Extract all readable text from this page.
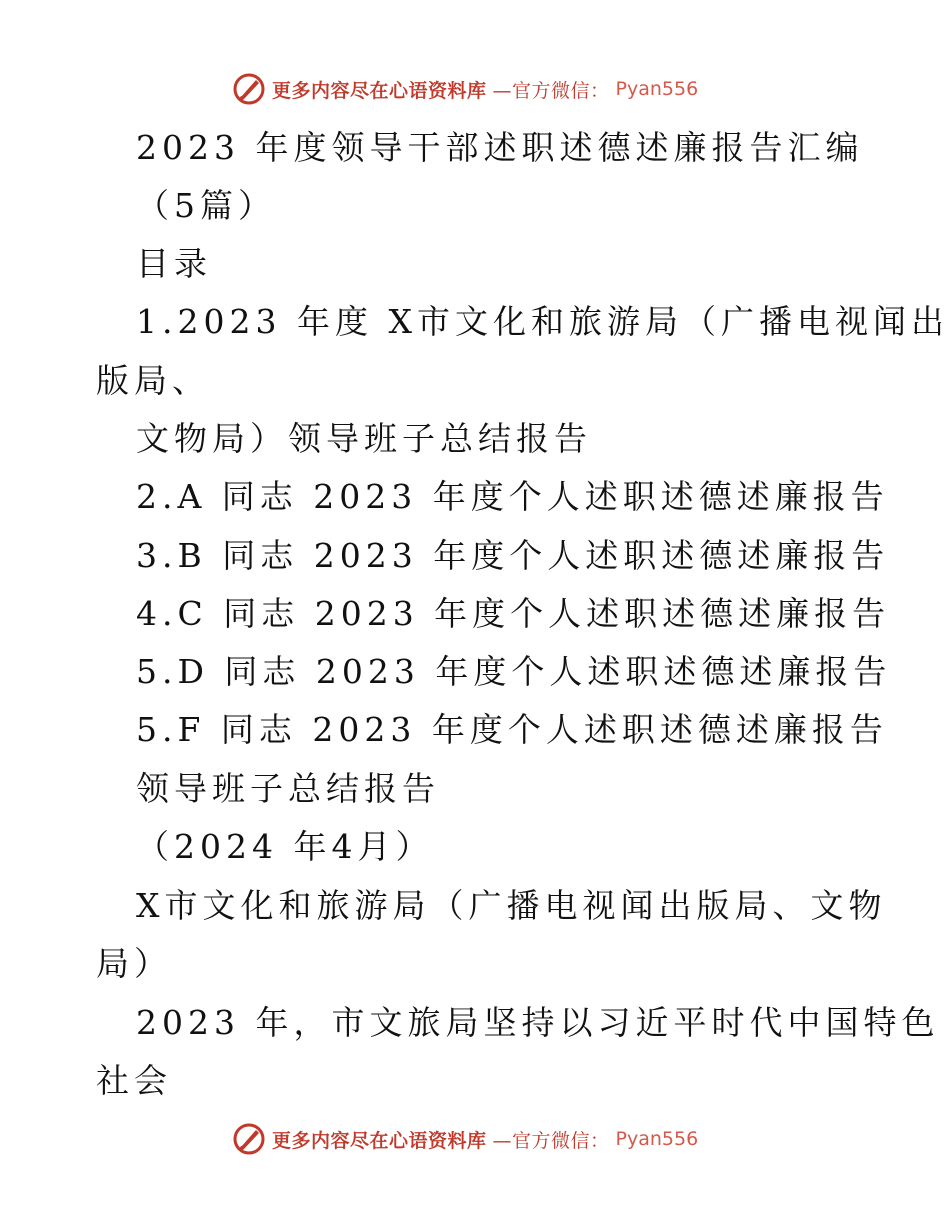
更多内容尽在心语资料库 —官方微信： Pyan556
2023 年度领导干部述职述德述廉报告汇编
（5篇）
目录
1.2023 年度 X市文化和旅游局（广播电视闻出
版局、
文物局）领导班子总结报告
2.A 同志 2023 年度个人述职述德述廉报告
3.B 同志 2023 年度个人述职述德述廉报告
4.C 同志 2023 年度个人述职述德述廉报告
5.D 同志 2023 年度个人述职述德述廉报告
5.F 同志 2023 年度个人述职述德述廉报告
领导班子总结报告
（2024 年4月）
X市文化和旅游局（广播电视闻出版局、文物
局）
2023 年，市文旅局坚持以习近平时代中国特色
社会
更多内容尽在心语资料库 —官方微信： Pyan556
